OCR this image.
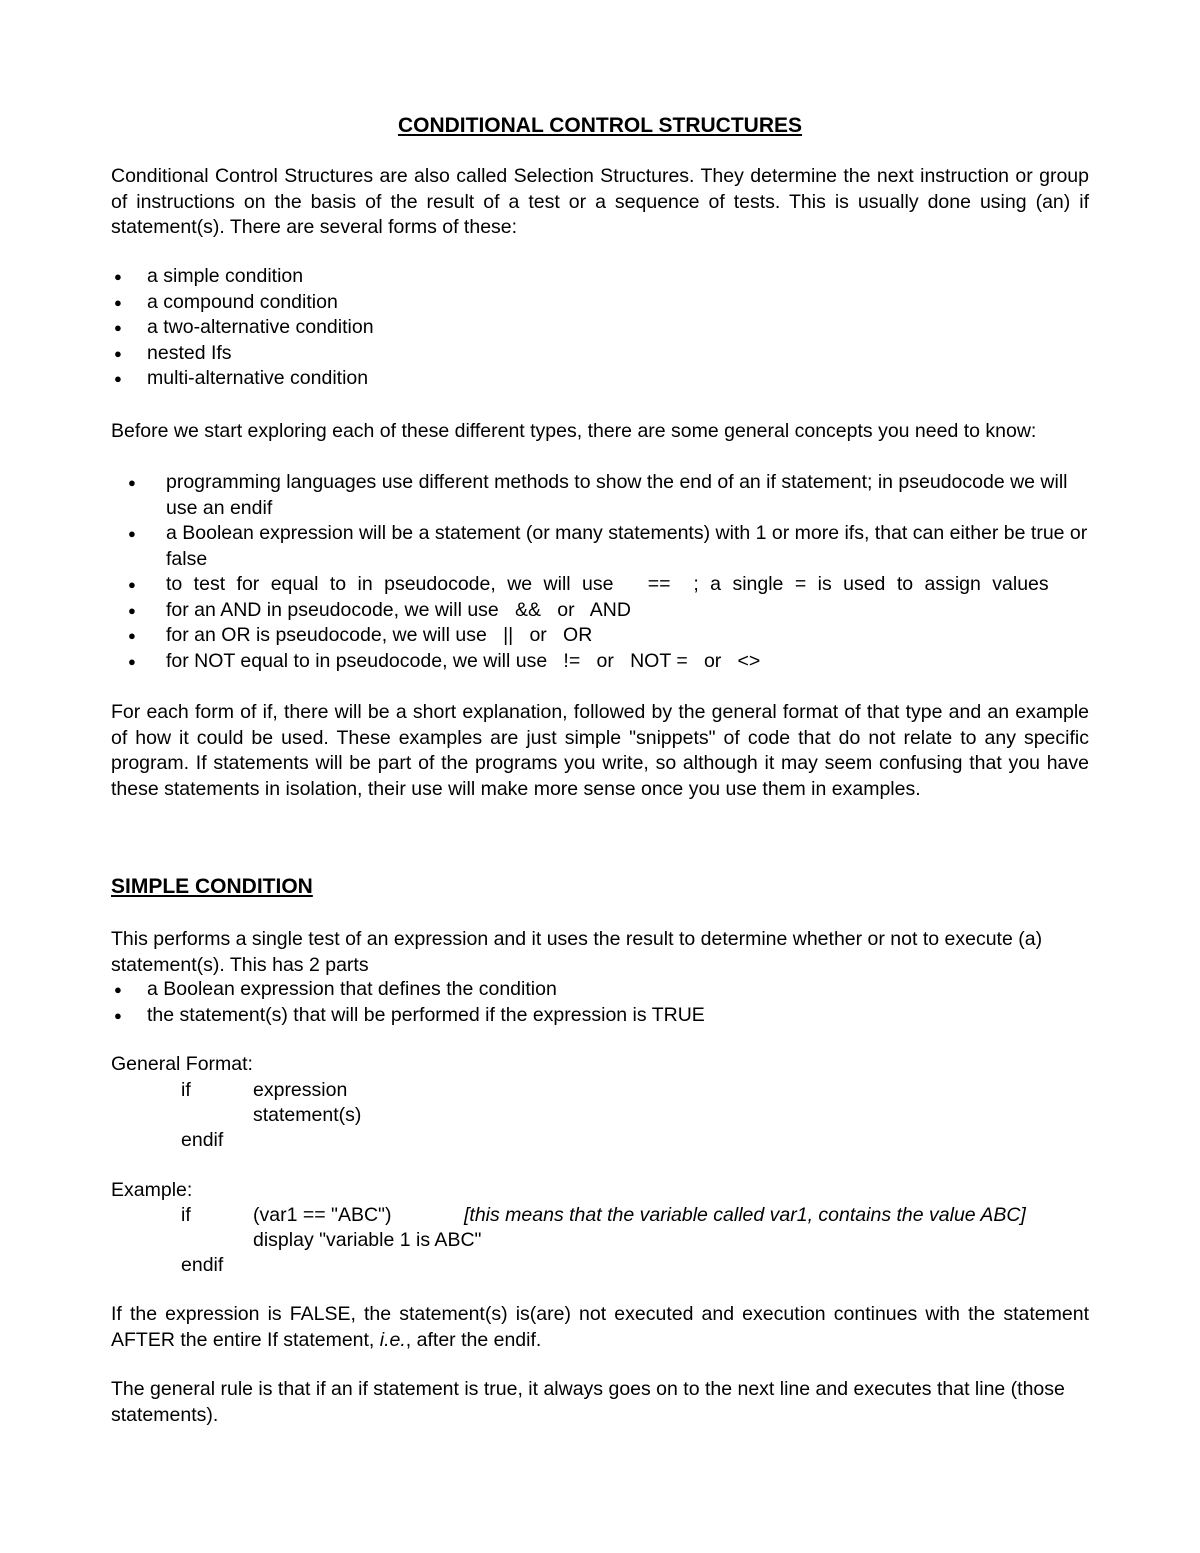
CONDITIONAL CONTROL STRUCTURES

Conditional Control Structures are also called Selection Structures. They determine the next instruction or group of instructions on the basis of the result of a test or a sequence of tests. This is usually done using (an) if statement(s). There are several forms of these:

● a simple condition
● a compound condition
● a two-alternative condition
● nested Ifs
● multi-alternative condition

Before we start exploring each of these different types, there are some general concepts you need to know:

● programming languages use different methods to show the end of an if statement; in pseudocode we will use an endif
● a Boolean expression will be a statement (or many statements) with 1 or more ifs, that can either be true or false
● to test for equal to in pseudocode, we will use   ==  ; a single = is used to assign values
● for an AND in pseudocode, we will use   &&   or   AND
● for an OR is pseudocode, we will use   ||   or   OR
● for NOT equal to in pseudocode, we will use   !=   or   NOT =   or   <>

For each form of if, there will be a short explanation, followed by the general format of that type and an example of how it could be used. These examples are just simple "snippets" of code that do not relate to any specific program. If statements will be part of the programs you write, so although it may seem confusing that you have these statements in isolation, their use will make more sense once you use them in examples.

SIMPLE CONDITION

This performs a single test of an expression and it uses the result to determine whether or not to execute (a) statement(s). This has 2 parts

● a Boolean expression that defines the condition
● the statement(s) that will be performed if the expression is TRUE
General Format:
if	expression
statement(s)
endif
Example:
if	(var1 == "ABC")	[this means that the variable called var1, contains the value ABC]
display "variable 1 is ABC"
endif

If the expression is FALSE, the statement(s) is(are) not executed and execution continues with the statement AFTER the entire If statement, i.e., after the endif.

The general rule is that if an if statement is true, it always goes on to the next line and executes that line (those statements).
